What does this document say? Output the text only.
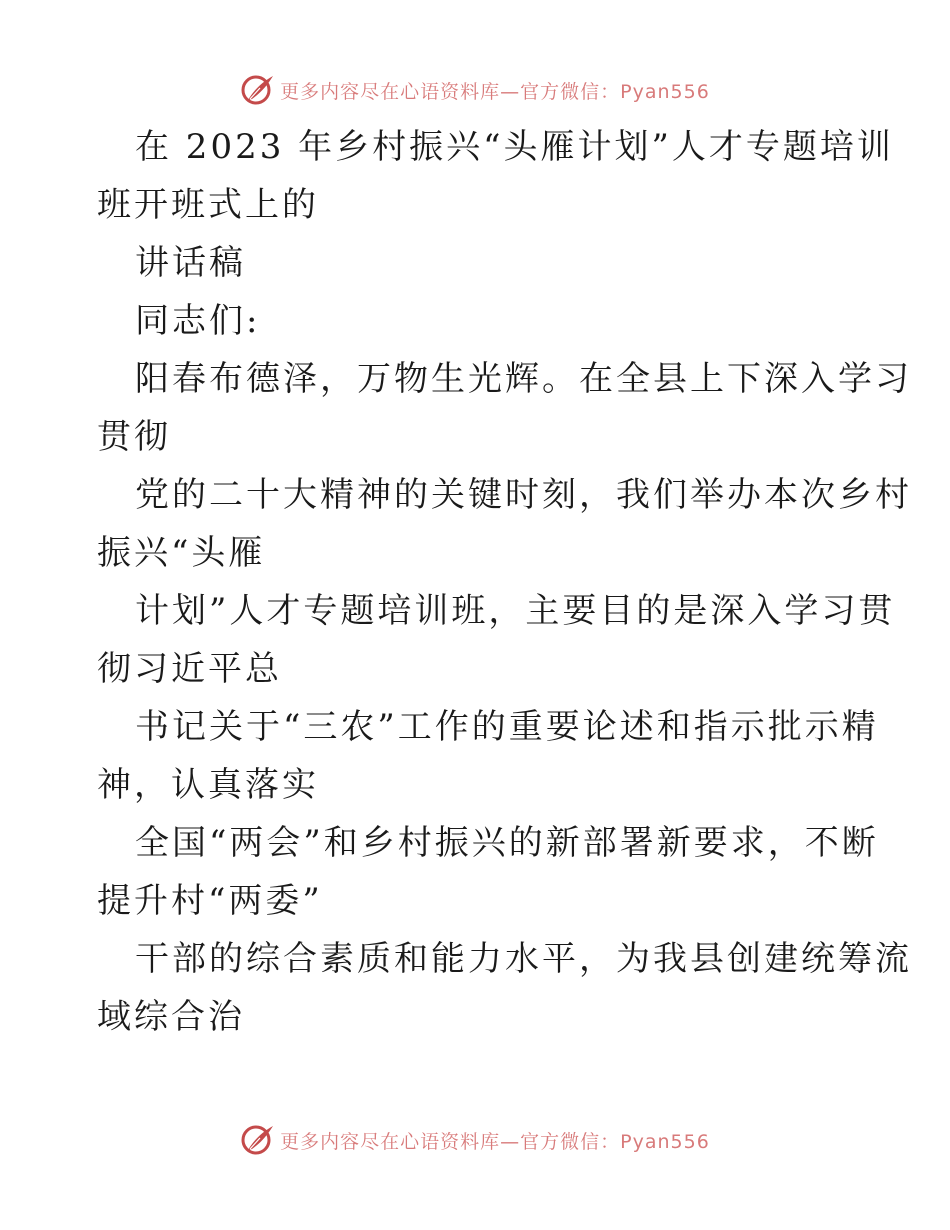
更多内容尽在心语资料库—官方微信：Pyan556
在 2023 年乡村振兴“头雁计划”人才专题培训
班开班式上的
讲话稿
同志们:
阳春布德泽，万物生光辉。在全县上下深入学习
贯彻
党的二十大精神的关键时刻，我们举办本次乡村
振兴“头雁
计划”人才专题培训班，主要目的是深入学习贯
彻习近平总
书记关于“三农”工作的重要论述和指示批示精
神，认真落实
全国“两会”和乡村振兴的新部署新要求，不断
提升村“两委”
干部的综合素质和能力水平，为我县创建统筹流
域综合治
更多内容尽在心语资料库—官方微信：Pyan556
